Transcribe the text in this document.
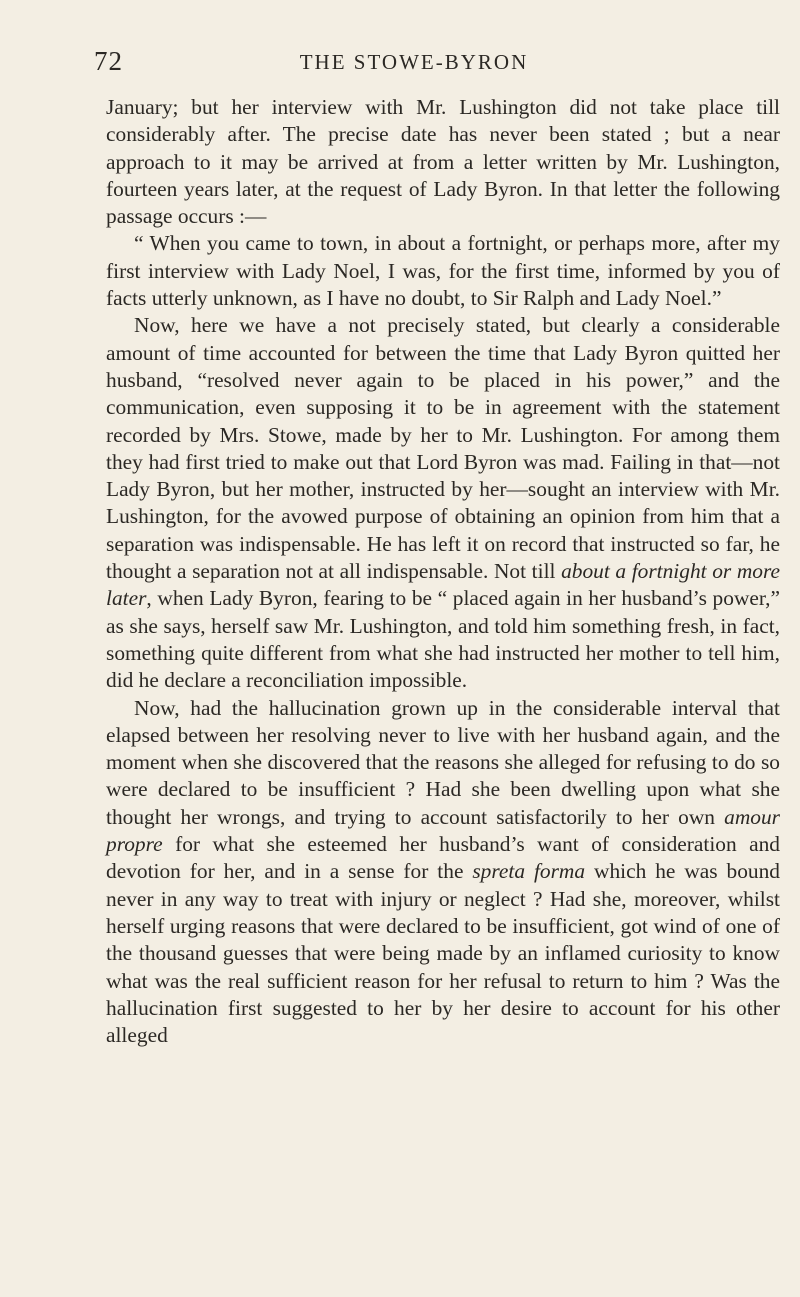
72	THE STOWE-BYRON

January; but her interview with Mr. Lushington did not take place till considerably after. The precise date has never been stated ; but a near approach to it may be arrived at from a letter written by Mr. Lushington, fourteen years later, at the request of Lady Byron. In that letter the following passage occurs :—

“ When you came to town, in about a fortnight, or perhaps more, after my first interview with Lady Noel, I was, for the first time, informed by you of facts utterly unknown, as I have no doubt, to Sir Ralph and Lady Noel.”

Now, here we have a not precisely stated, but clearly a considerable amount of time accounted for between the time that Lady Byron quitted her husband, “resolved never again to be placed in his power,” and the communication, even supposing it to be in agreement with the statement recorded by Mrs. Stowe, made by her to Mr. Lushington. For among them they had first tried to make out that Lord Byron was mad. Failing in that—not Lady Byron, but her mother, instructed by her—sought an interview with Mr. Lushington, for the avowed purpose of obtaining an opinion from him that a separation was indispensable. He has left it on record that instructed so far, he thought a separation not at all indispensable. Not till about a fortnight or more later, when Lady Byron, fearing to be “ placed again in her husband’s power,” as she says, herself saw Mr. Lushington, and told him something fresh, in fact, something quite different from what she had instructed her mother to tell him, did he declare a reconciliation impossible.

Now, had the hallucination grown up in the considerable interval that elapsed between her resolving never to live with her husband again, and the moment when she discovered that the reasons she alleged for refusing to do so were declared to be insufficient ? Had she been dwelling upon what she thought her wrongs, and trying to account satisfactorily to her own amour propre for what she esteemed her husband’s want of consideration and devotion for her, and in a sense for the spreta forma which he was bound never in any way to treat with injury or neglect ? Had she, moreover, whilst herself urging reasons that were declared to be insufficient, got wind of one of the thousand guesses that were being made by an inflamed curiosity to know what was the real sufficient reason for her refusal to return to him ? Was the hallucination first suggested to her by her desire to account for his other alleged
